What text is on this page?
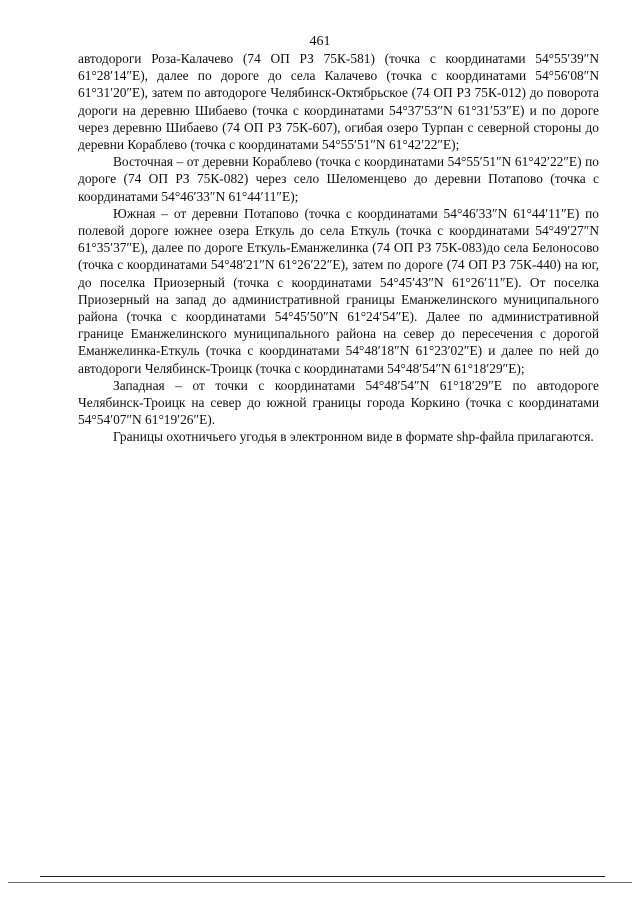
461

автодороги Роза-Калачево (74 ОП РЗ 75К-581) (точка с координатами 54°55′39″N 61°28′14″E), далее по дороге до села Калачево (точка с координатами 54°56′08″N 61°31′20″E), затем по автодороге Челябинск-Октябрьское (74 ОП РЗ 75К-012) до поворота дороги на деревню Шибаево (точка с координатами 54°37′53″N 61°31′53″E) и по дороге через деревню Шибаево (74 ОП РЗ 75К-607), огибая озеро Турпан с северной стороны до деревни Кораблево (точка с координатами 54°55′51″N 61°42′22″E);

Восточная – от деревни Кораблево (точка с координатами 54°55′51″N 61°42′22″E) по дороге (74 ОП РЗ 75К-082) через село Шеломенцево до деревни Потапово (точка с координатами 54°46′33″N 61°44′11″E);

Южная – от деревни Потапово (точка с координатами 54°46′33″N 61°44′11″E) по полевой дороге южнее озера Еткуль до села Еткуль (точка с координатами 54°49′27″N 61°35′37″E), далее по дороге Еткуль-Еманжелинка (74 ОП РЗ 75К-083)до села Белоносово (точка с координатами 54°48′21″N 61°26′22″E), затем по дороге (74 ОП РЗ 75К-440) на юг, до поселка Приозерный (точка с координатами 54°45′43″N 61°26′11″E). От поселка Приозерный на запад до административной границы Еманжелинского муниципального района (точка с координатами 54°45′50″N 61°24′54″E). Далее по административной границе Еманжелинского муниципального района на север до пересечения с дорогой Еманжелинка-Еткуль (точка с координатами 54°48′18″N 61°23′02″E) и далее по ней до автодороги Челябинск-Троицк (точка с координатами 54°48′54″N 61°18′29″E);

Западная – от точки с координатами 54°48′54″N 61°18′29″E по автодороге Челябинск-Троицк на север до южной границы города Коркино (точка с координатами 54°54′07″N 61°19′26″E).

Границы охотничьего угодья в электронном виде в формате shp-файла прилагаются.
